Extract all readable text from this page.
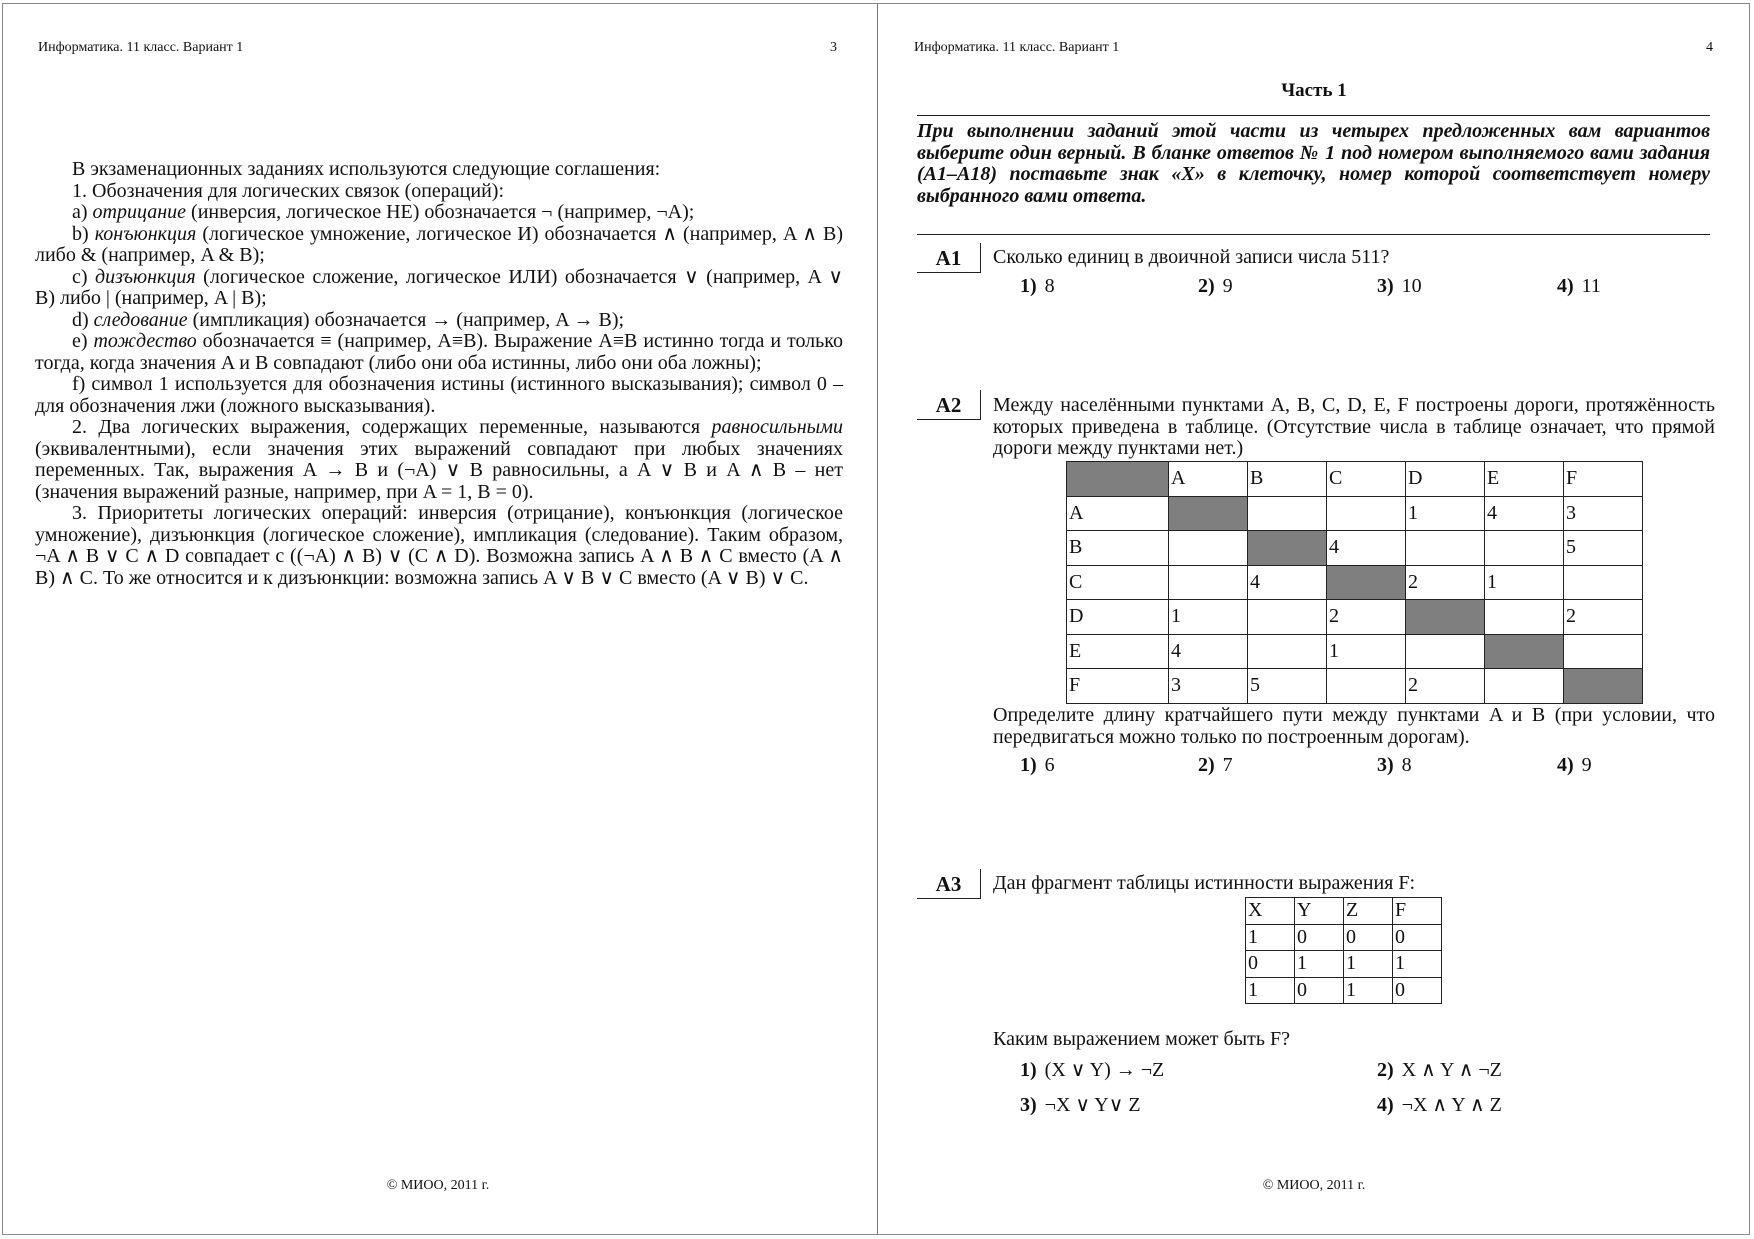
Информатика. 11 класс. Вариант 1	3

В экзаменационных заданиях используются следующие соглашения:

1. Обозначения для логических связок (операций):

a) отрицание (инверсия, логическое НЕ) обозначается ¬ (например, ¬A);

b) конъюнкция (логическое умножение, логическое И) обозначается ∧ (например, A ∧ B) либо & (например, A & B);

c) дизъюнкция (логическое сложение, логическое ИЛИ) обозначается ∨ (например, A ∨ B) либо | (например, A | B);

d) следование (импликация) обозначается → (например, A → B);

e) тождество обозначается ≡ (например, A≡B). Выражение A≡B истинно тогда и только тогда, когда значения A и B совпадают (либо они оба истинны, либо они оба ложны);

f) символ 1 используется для обозначения истины (истинного высказывания); символ 0 – для обозначения лжи (ложного высказывания).

2. Два логических выражения, содержащих переменные, называются равносильными (эквивалентными), если значения этих выражений совпадают при любых значениях переменных. Так, выражения A → B и (¬A) ∨ B равносильны, а A ∨ B и A ∧ B – нет (значения выражений разные, например, при A = 1, B = 0).

3. Приоритеты логических операций: инверсия (отрицание), конъюнкция (логическое умножение), дизъюнкция (логическое сложение), импликация (следование). Таким образом, ¬A ∧ B ∨ C ∧ D совпадает с ((¬A) ∧ B) ∨ (C ∧ D). Возможна запись A ∧ B ∧ C вместо (A ∧ B) ∧ C. То же относится и к дизъюнкции: возможна запись A ∨ B ∨ C вместо (A ∨ B) ∨ C.

© МИОО, 2011 г.
Информатика. 11 класс. Вариант 1	4
Часть 1
При выполнении заданий этой части из четырех предложенных вам вариантов выберите один верный. В бланке ответов № 1 под номером выполняемого вами задания (A1–A18) поставьте знак «X» в клеточку, номер которой соответствует номеру выбранного вами ответа.
A1	Сколько единиц в двоичной записи числа 511?
1) 8	2) 9	3) 10	4) 11
A2	Между населёнными пунктами A, B, C, D, E, F построены дороги, протяжённость которых приведена в таблице. (Отсутствие числа в таблице означает, что прямой дороги между пунктами нет.)
	A	B	C	D	E	F
A				1	4	3
B			4			5
C		4		2	1	
D	1		2			2
E	4		1			
F	3	5		2		
Определите длину кратчайшего пути между пунктами A и B (при условии, что передвигаться можно только по построенным дорогам).
1) 6	2) 7	3) 8	4) 9
A3	Дан фрагмент таблицы истинности выражения F:
X	Y	Z	F
1	0	0	0
0	1	1	1
1	0	1	0
Каким выражением может быть F?
1) (X ∨ Y) → ¬Z	2) X ∧ Y ∧ ¬Z
3) ¬X ∨ Y∨ Z	4) ¬X ∧ Y ∧ Z
© МИОО, 2011 г.
